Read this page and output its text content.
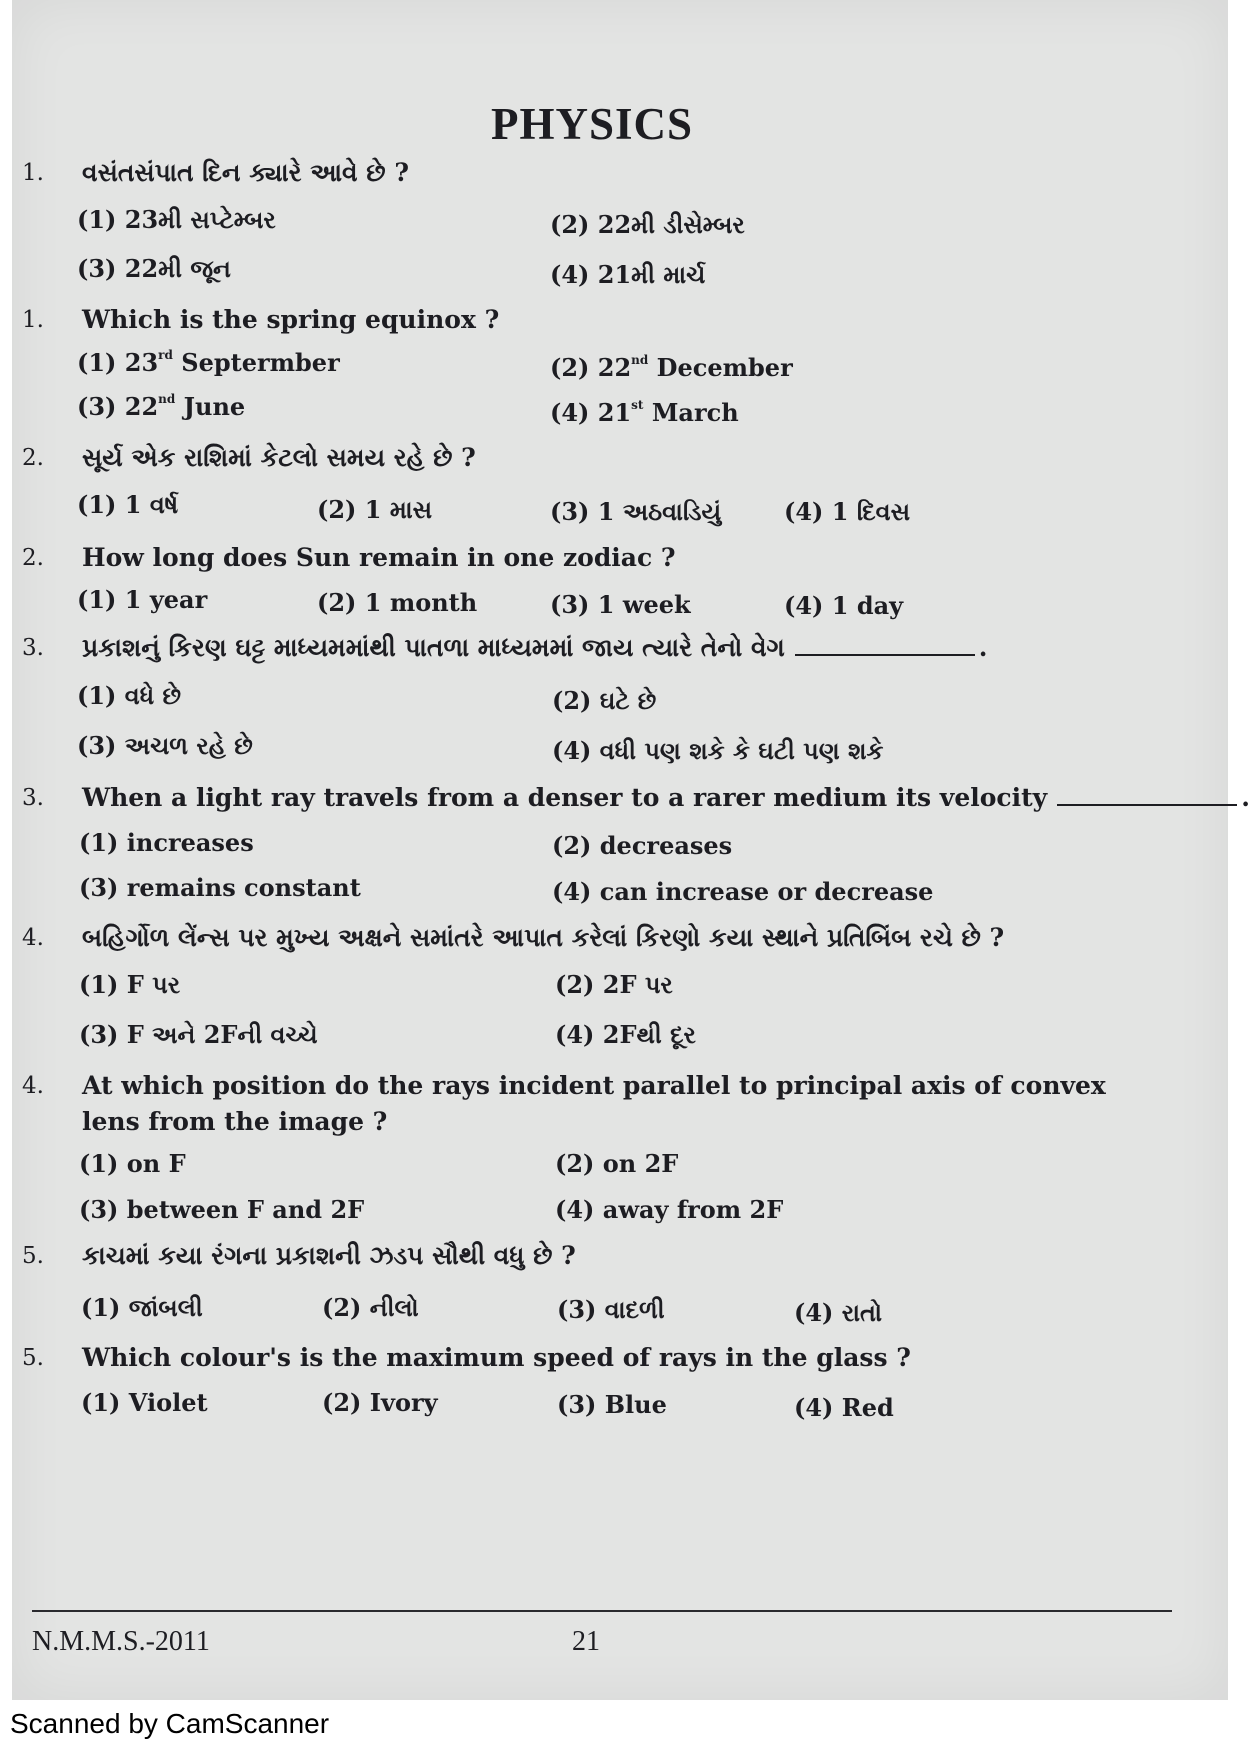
PHYSICS
1. વસંતસંપાત દિન ક્યારે આવે છે ?
(1) 23મી સપ્ટેમ્બર	(2) 22મી ડીસેમ્બર
(3) 22મી જૂન	(4) 21મી માર્ચ
1. Which is the spring equinox ?
(1) 23rd Septermber	(2) 22nd December
(3) 22nd June	(4) 21st March
2. સૂર્ય એક રાશિમાં કેટલો સમય રહે છે ?
(1) 1 વર્ષ	(2) 1 માસ	(3) 1 અઠવાડિયું	(4) 1 દિવસ
2. How long does Sun remain in one zodiac ?
(1) 1 year	(2) 1 month	(3) 1 week	(4) 1 day
3. પ્રકાશનું કિરણ ઘટ્ટ માધ્યમમાંથી પાતળા માધ્યમમાં જાય ત્યારે તેનો વેગ	.
(1) વધે છે	(2) ઘટે છે
(3) અચળ રહે છે	(4) વધી પણ શકે કે ઘટી પણ શકે
3. When a light ray travels from a denser to a rarer medium its velocity	.
(1) increases	(2) decreases
(3) remains constant	(4) can increase or decrease
4. બહિર્ગોળ લેંન્સ પર મુખ્ય અક્ષને સમાંતરે આપાત કરેલાં કિરણો કયા સ્થાને પ્રતિબિંબ રચે છે ?
(1) F પર	(2) 2F પર
(3) F અને 2Fની વચ્ચે	(4) 2Fથી દૂર
4. At which position do the rays incident parallel to principal axis of convex lens from the image ?
(1) on F	(2) on 2F
(3) between F and 2F	(4) away from 2F
5. કાચમાં કયા રંગના પ્રકાશની ઝડપ સૌથી વધુ છે ?
(1) જાંબલી	(2) નીલો	(3) વાદળી	(4) રાતો
5. Which colour's is the maximum speed of rays in the glass ?
(1) Violet	(2) Ivory	(3) Blue	(4) Red
N.M.M.S.-2011	21
Scanned by CamScanner
